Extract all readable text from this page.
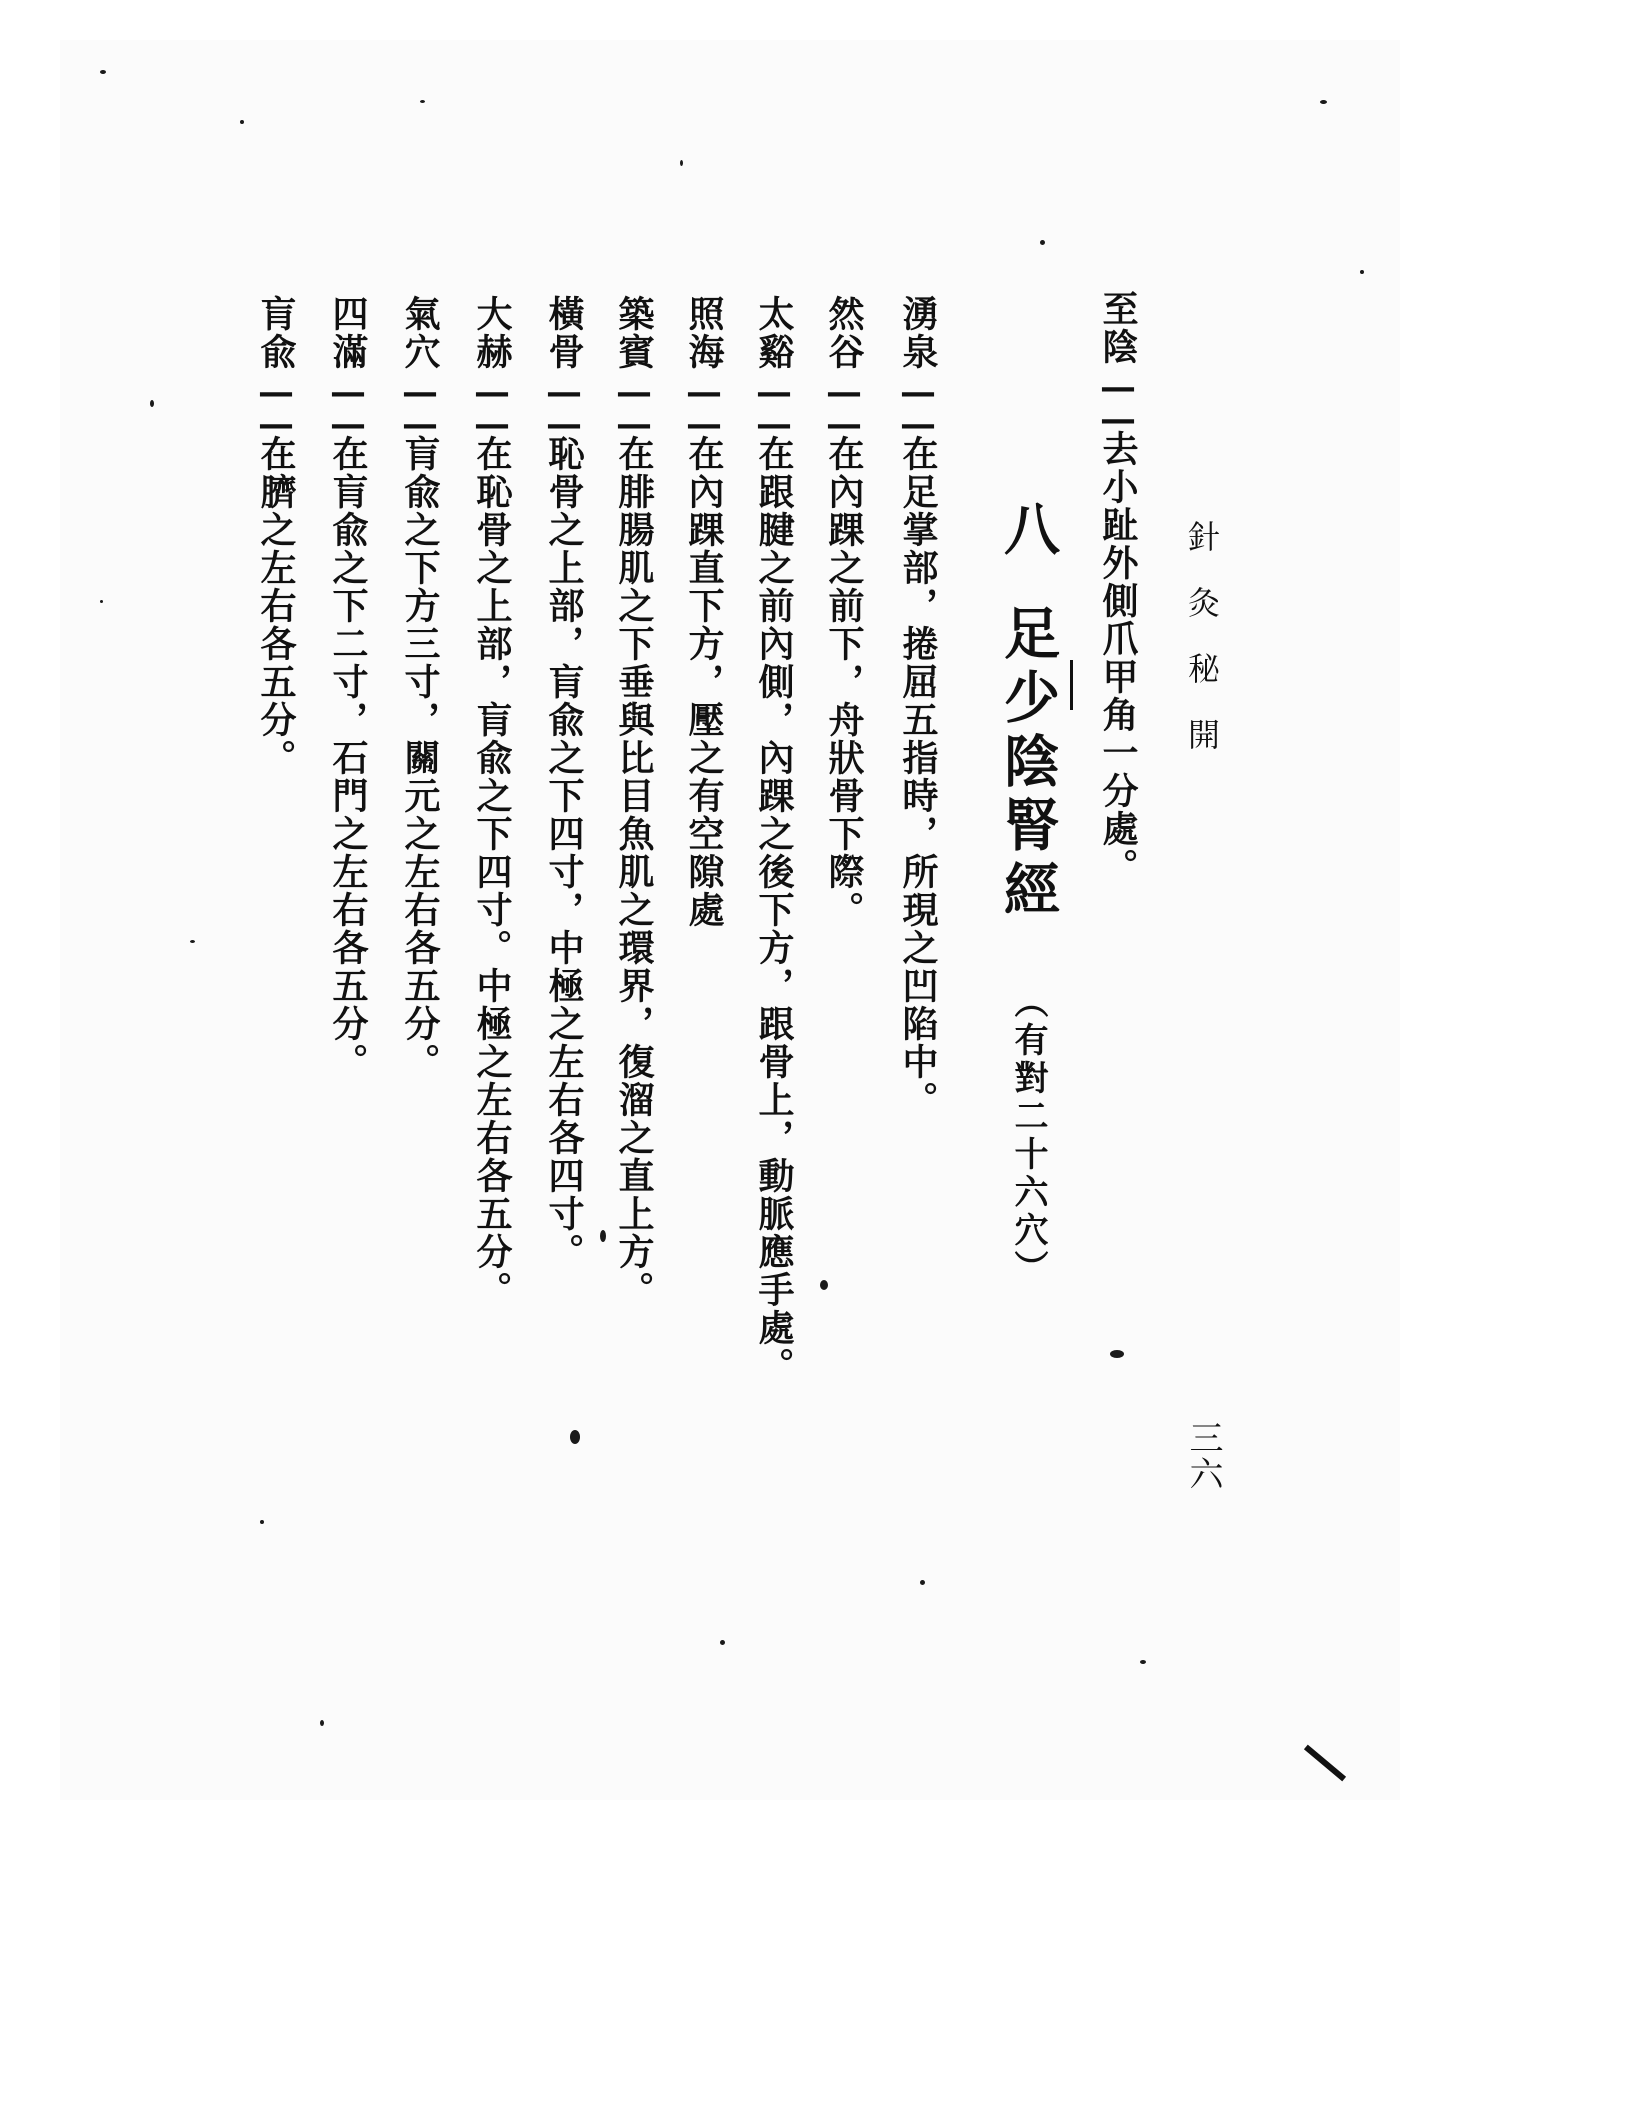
針灸秘開
三六
至陰——去小趾外側爪甲角一分處。
八足少陰腎經（有對二十六穴）
湧泉——在足掌部，捲屈五指時，所現之凹陷中。
然谷——在內踝之前下，舟狀骨下際。
太谿——在跟腱之前內側，內踝之後下方，跟骨上，動脈應手處。
照海——在內踝直下方，壓之有空隙處
築賓——在腓腸肌之下垂與比目魚肌之環界，復溜之直上方。
橫骨——恥骨之上部，肓兪之下四寸，中極之左右各四寸。
大赫——在恥骨之上部，肓兪之下四寸。中極之左右各五分。
氣穴——肓兪之下方三寸，關元之左右各五分。
四滿——在肓兪之下二寸，石門之左右各五分。
肓兪——在臍之左右各五分。
